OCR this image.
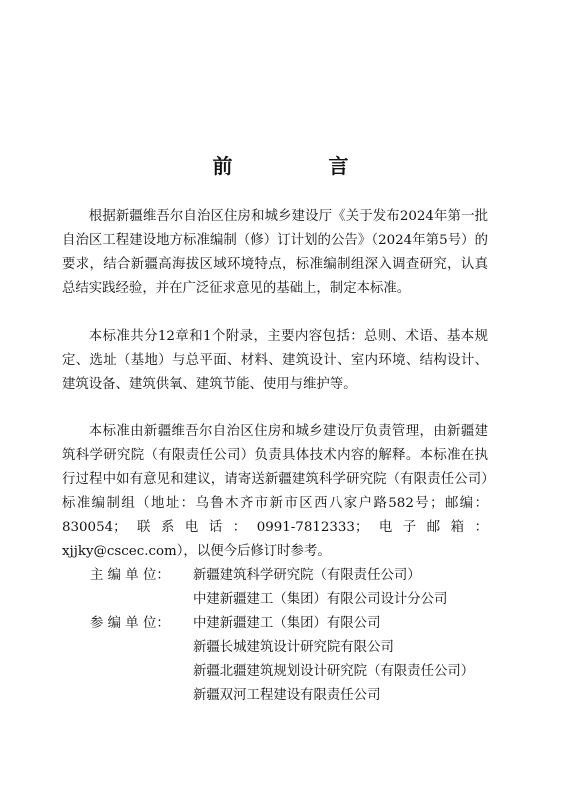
前　言

根据新疆维吾尔自治区住房和城乡建设厅《关于发布2024年第一批自治区工程建设地方标准编制（修）订计划的公告》（2024年第5号）的要求，结合新疆高海拔区域环境特点，标准编制组深入调查研究，认真总结实践经验，并在广泛征求意见的基础上，制定本标准。

本标准共分12章和1个附录，主要内容包括：总则、术语、基本规定、选址（基地）与总平面、材料、建筑设计、室内环境、结构设计、建筑设备、建筑供氧、建筑节能、使用与维护等。

本标准由新疆维吾尔自治区住房和城乡建设厅负责管理，由新疆建筑科学研究院（有限责任公司）负责具体技术内容的解释。本标准在执行过程中如有意见和建议，请寄送新疆建筑科学研究院（有限责任公司）标准编制组（地址：乌鲁木齐市新市区西八家户路582号；邮编：830054；联系电话：0991-7812333；电子邮箱：xjjky@cscec.com），以便今后修订时参考。

主 编 单 位： 新疆建筑科学研究院（有限责任公司）
中建新疆建工（集团）有限公司设计分公司
参 编 单 位： 中建新疆建工（集团）有限公司
新疆长城建筑设计研究院有限公司
新疆北疆建筑规划设计研究院（有限责任公司）
新疆双河工程建设有限责任公司
